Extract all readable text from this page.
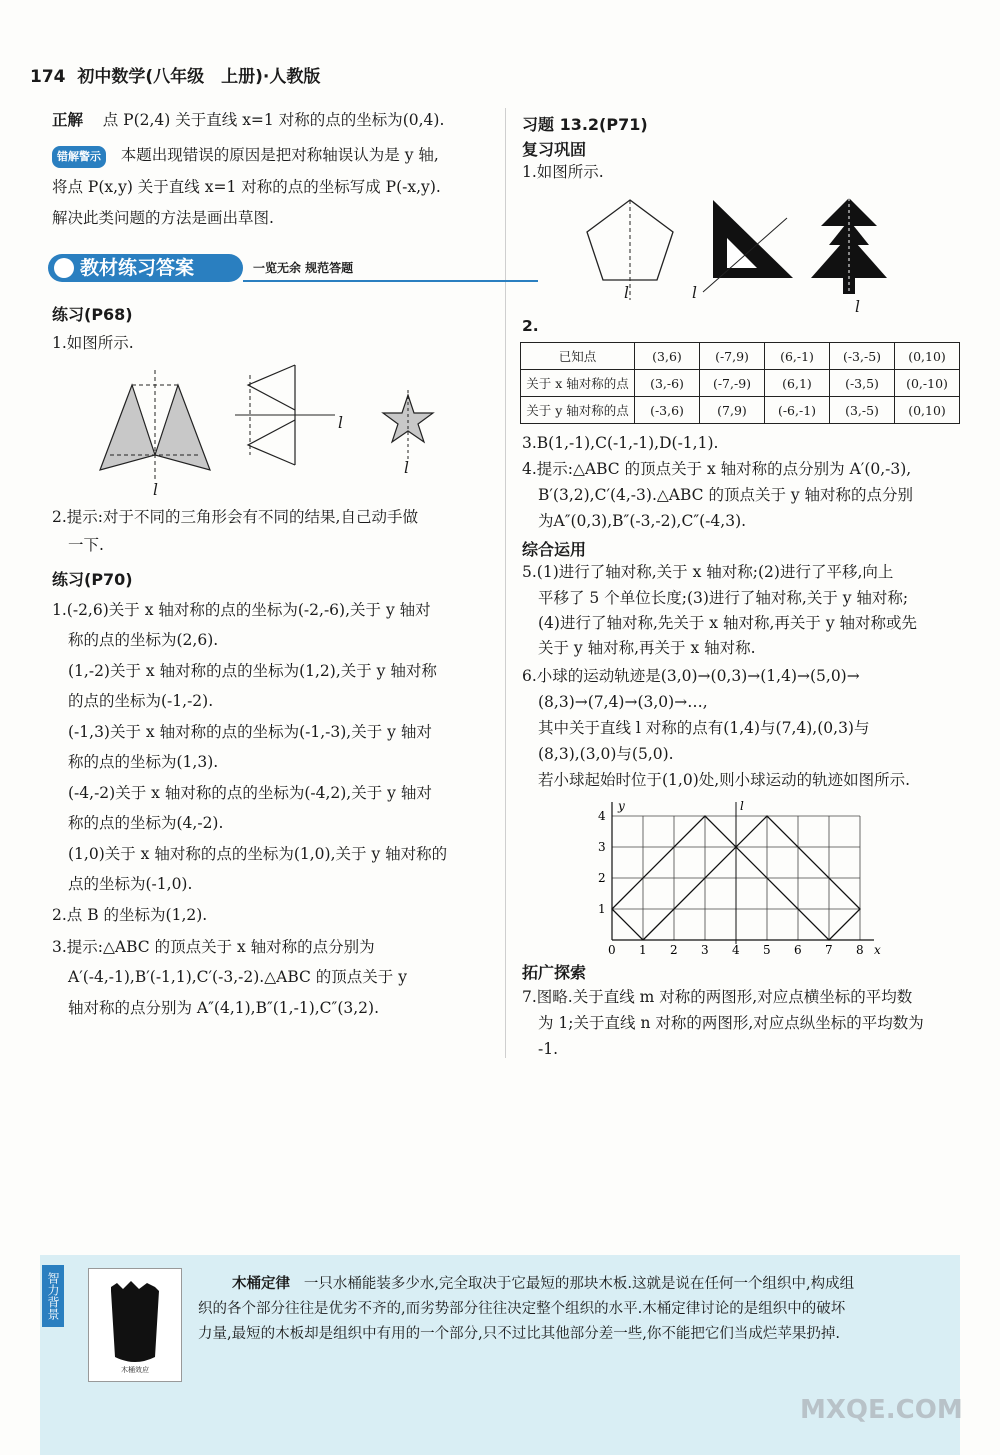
174 初中数学(八年级　上册)·人教版
正解 点 P(2,4) 关于直线 x=1 对称的点的坐标为(0,4).
错解警示 本题出现错误的原因是把对称轴误认为是 y 轴,
将点 P(x,y) 关于直线 x=1 对称的点的坐标写成 P(-x,y).
解决此类问题的方法是画出草图.
教材练习答案	一览无余 规范答题
练习(P68)
1.如图所示.
l
l
l
2.提示:对于不同的三角形会有不同的结果,自己动手做
一下.
练习(P70)
1.(-2,6)关于 x 轴对称的点的坐标为(-2,-6),关于 y 轴对
称的点的坐标为(2,6).
(1,-2)关于 x 轴对称的点的坐标为(1,2),关于 y 轴对称
的点的坐标为(-1,-2).
(-1,3)关于 x 轴对称的点的坐标为(-1,-3),关于 y 轴对
称的点的坐标为(1,3).
(-4,-2)关于 x 轴对称的点的坐标为(-4,2),关于 y 轴对
称的点的坐标为(4,-2).
(1,0)关于 x 轴对称的点的坐标为(1,0),关于 y 轴对称的
点的坐标为(-1,0).
2.点 B 的坐标为(1,2).
3.提示:△ABC 的顶点关于 x 轴对称的点分别为
A′(-4,-1),B′(-1,1),C′(-3,-2).△ABC 的顶点关于 y
轴对称的点分别为 A″(4,1),B″(1,-1),C″(3,2).
习题 13.2(P71)
复习巩固
1.如图所示.
l	l
l
2.
已知点	(3,6)	(-7,9)	(6,-1)	(-3,-5)	(0,10)
关于 x 轴对称的点	(3,-6)	(-7,-9)	(6,1)	(-3,5)	(0,-10)
关于 y 轴对称的点	(-3,6)	(7,9)	(-6,-1)	(3,-5)	(0,10)
3.B(1,-1),C(-1,-1),D(-1,1).
4.提示:△ABC 的顶点关于 x 轴对称的点分别为 A′(0,-3),
B′(3,2),C′(4,-3).△ABC 的顶点关于 y 轴对称的点分别
为A″(0,3),B″(-3,-2),C″(-4,3).
综合运用
5.(1)进行了轴对称,关于 x 轴对称;(2)进行了平移,向上
平移了 5 个单位长度;(3)进行了轴对称,关于 y 轴对称;
(4)进行了轴对称,先关于 x 轴对称,再关于 y 轴对称或先
关于 y 轴对称,再关于 x 轴对称.
6.小球的运动轨迹是(3,0)→(0,3)→(1,4)→(5,0)→
(8,3)→(7,4)→(3,0)→…,
其中关于直线 l 对称的点有(1,4)与(7,4),(0,3)与
(8,3),(3,0)与(5,0).
若小球起始时位于(1,0)处,则小球运动的轨迹如图所示.
0 1 2 3 4 5 6 7 8
1
2
3
4
x
y	l
拓广探索
7.图略.关于直线 m 对称的两图形,对应点横坐标的平均数
为 1;关于直线 n 对称的两图形,对应点纵坐标的平均数为
-1.
智力背景
木桶效应
木桶定律 一只水桶能装多少水,完全取决于它最短的那块木板.这就是说在任何一个组织中,构成组
织的各个部分往往是优劣不齐的,而劣势部分往往决定整个组织的水平.木桶定律讨论的是组织中的破坏
力量,最短的木板却是组织中有用的一个部分,只不过比其他部分差一些,你不能把它们当成烂苹果扔掉.
MXQE.COM
